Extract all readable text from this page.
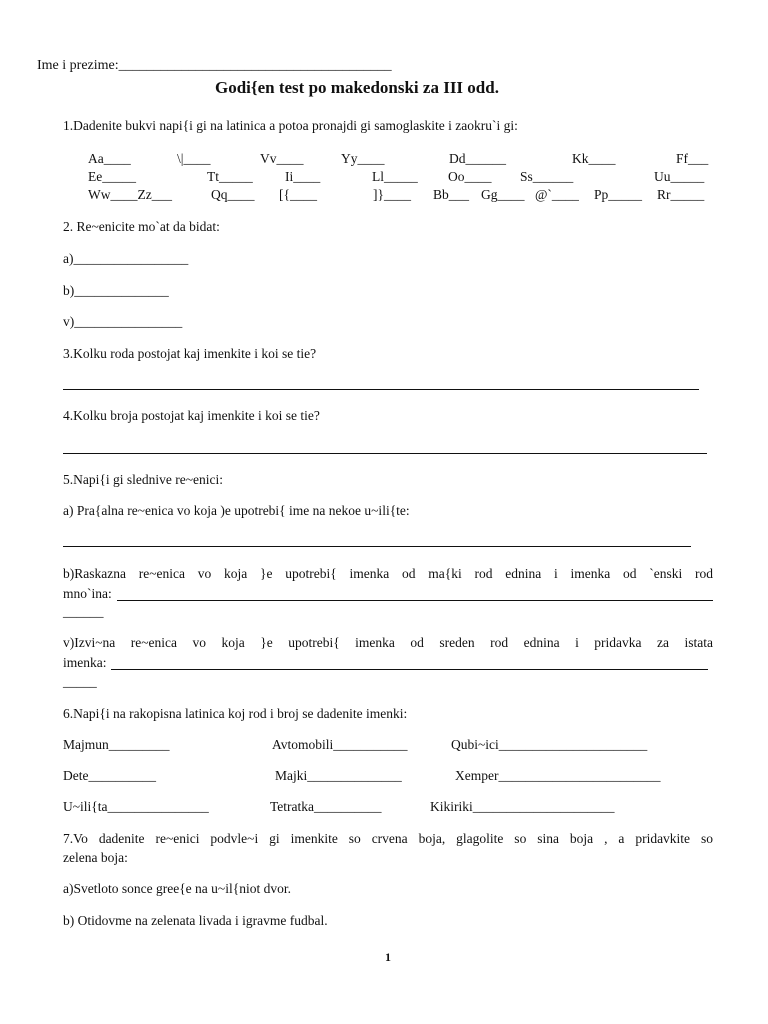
Ime i prezime:_______________________________________
Godi{en test po makedonski za III odd.
1.Dadenite bukvi napi{i gi na latinica a potoa pronajdi gi samoglaskite i zaokru`i gi:
Aa____	\|____	Vv____	Yy____	Dd______	Kk____	Ff___
Ee_____	Tt_____ Ii____	Ll_____ Oo____ Ss______	Uu_____
Ww____Zz___	Qq____ [{____	]}____ Bb___ Gg____ @`____ Pp_____ Rr_____
2. Re~enicite mo`at da bidat:
a)_________________
b)______________
v)________________
3.Kolku roda postojat kaj imenkite i koi se tie?
4.Kolku broja postojat kaj imenkite i koi se tie?
5.Napi{i gi slednive re~enici:
a) Pra{alna re~enica vo koja )e upotrebi{ ime na nekoe u~ili{te:
b)Raskazna re~enica vo koja }e upotrebi{ imenka od ma{ki rod ednina i imenka od `enski rod
mno`ina:
______
v)Izvi~na re~enica vo koja }e upotrebi{ imenka od sreden rod ednina i pridavka za istata
imenka:
_____
6.Napi{i na rakopisna latinica koj rod i broj se dadenite imenki:
Majmun_________	Avtomobili___________	Qubi~ici______________________
Dete__________	Majki______________	Xemper________________________
U~ili{ta_______________	Tetratka__________	Kikiriki_____________________
7.Vo dadenite re~enici podvle~i gi imenkite so crvena boja, glagolite so sina boja , a pridavkite so
zelena boja:
a)Svetloto sonce gree{e na u~il{niot dvor.
b) Otidovme na zelenata livada i igravme fudbal.
1
